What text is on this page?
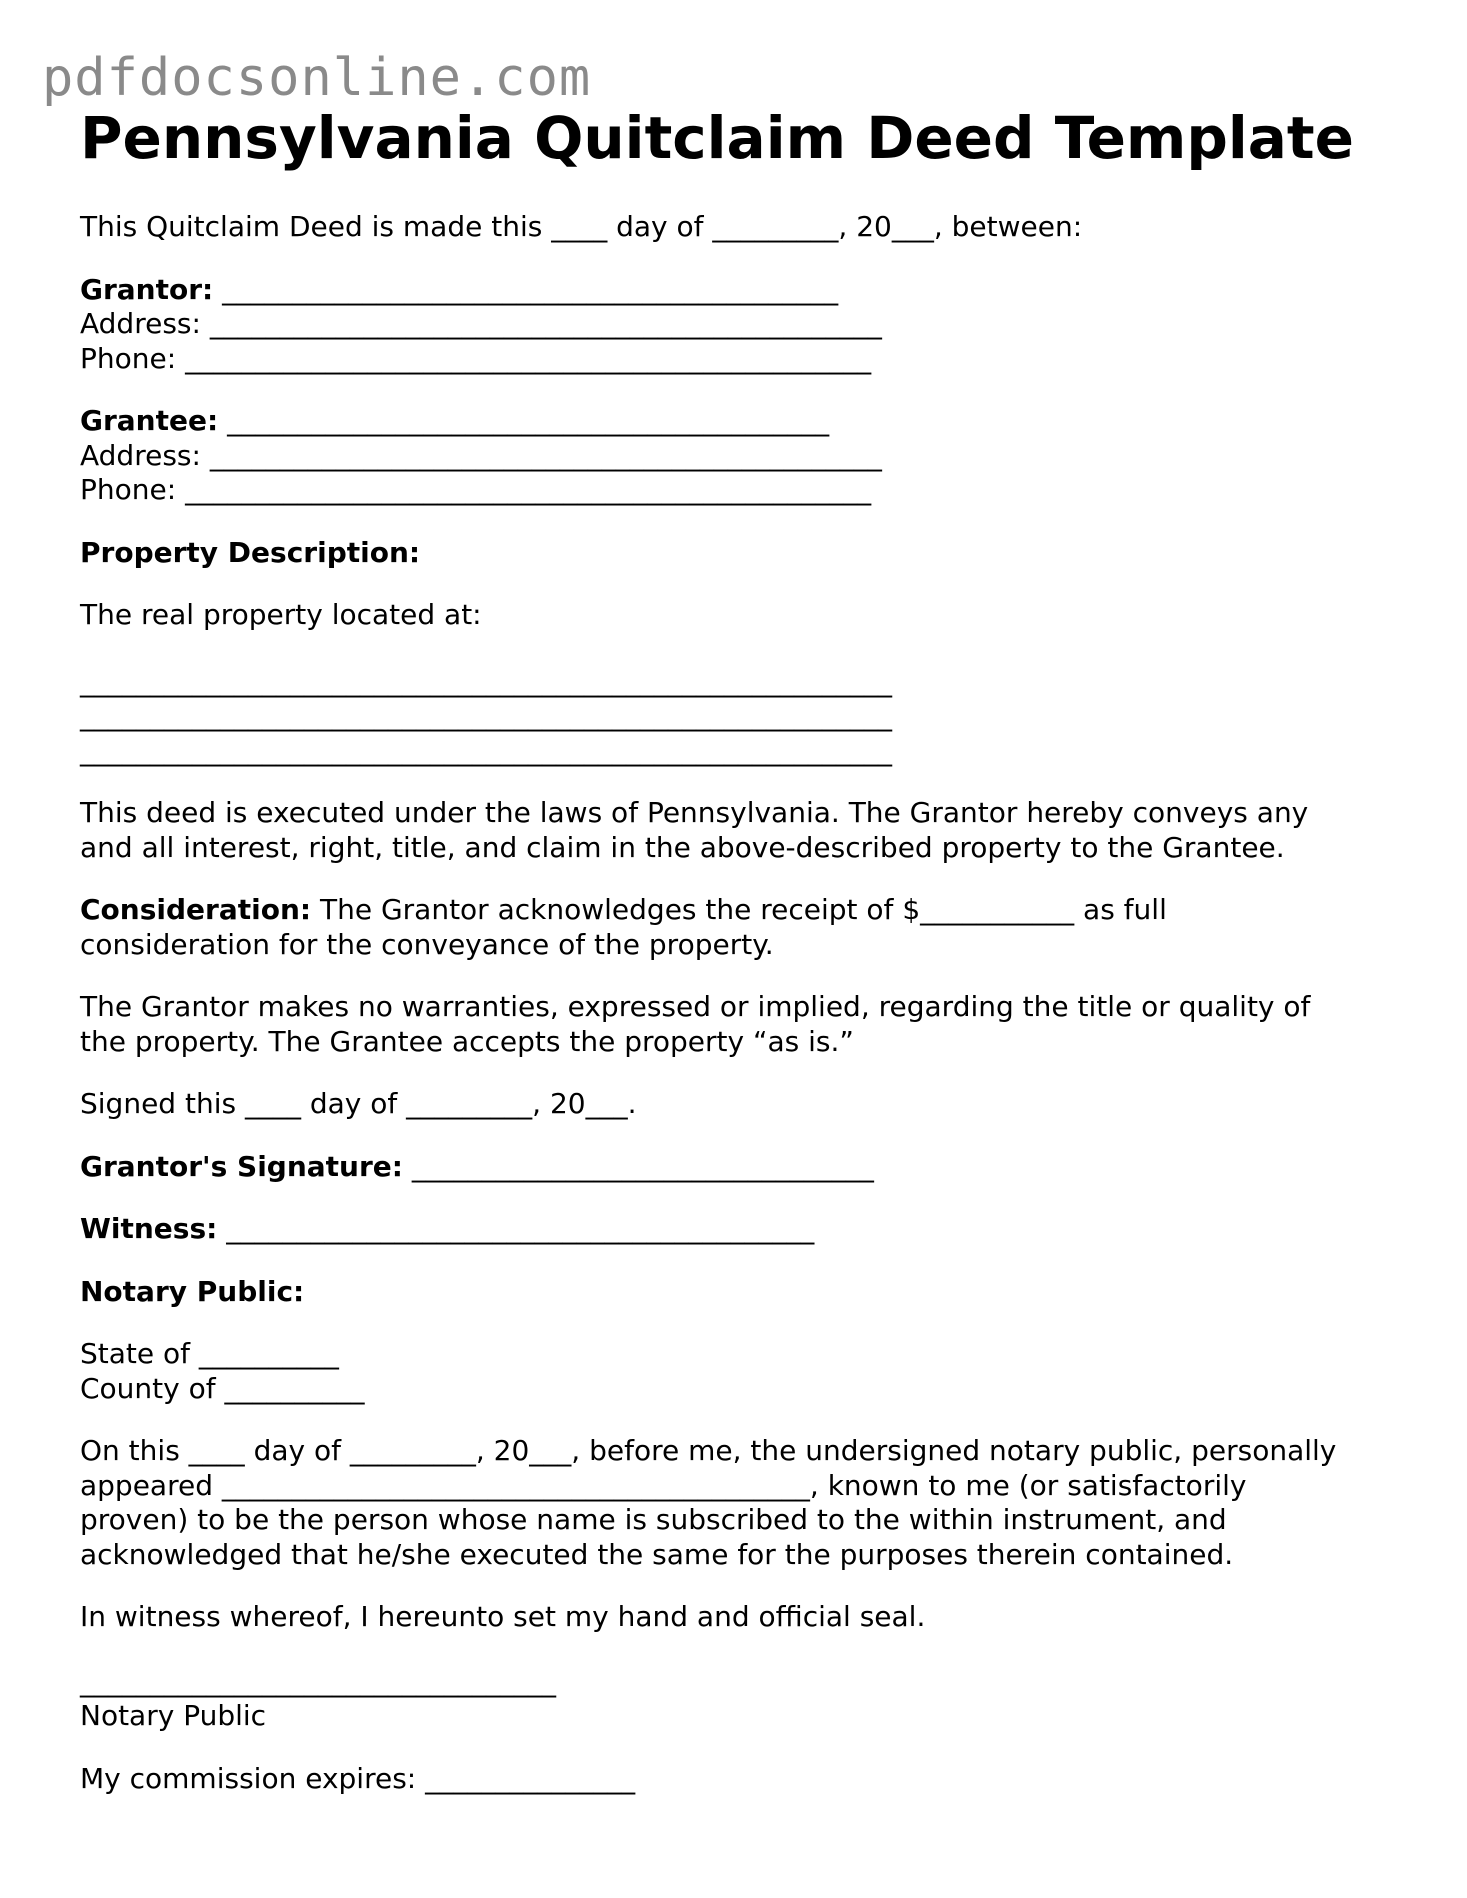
pdfdocsonline.com
Pennsylvania Quitclaim Deed Template

This Quitclaim Deed is made this ____ day of _________, 20___, between:

Grantor: ____________________________________________

Address: ________________________________________________

Phone: _________________________________________________

Grantee: ___________________________________________

Address: ________________________________________________

Phone: _________________________________________________

Property Description:

The real property located at:

__________________________________________________________

__________________________________________________________

__________________________________________________________

This deed is executed under the laws of Pennsylvania. The Grantor hereby conveys any

and all interest, right, title, and claim in the above-described property to the Grantee.

Consideration: The Grantor acknowledges the receipt of $___________ as full

consideration for the conveyance of the property.

The Grantor makes no warranties, expressed or implied, regarding the title or quality of

the property. The Grantee accepts the property “as is.”

Signed this ____ day of _________, 20___.

Grantor's Signature: _________________________________

Witness: __________________________________________

Notary Public:

State of __________

County of __________

On this ____ day of _________, 20___, before me, the undersigned notary public, personally

appeared __________________________________________, known to me (or satisfactorily

proven) to be the person whose name is subscribed to the within instrument, and

acknowledged that he/she executed the same for the purposes therein contained.

In witness whereof, I hereunto set my hand and official seal.

__________________________________

Notary Public

My commission expires: _______________
